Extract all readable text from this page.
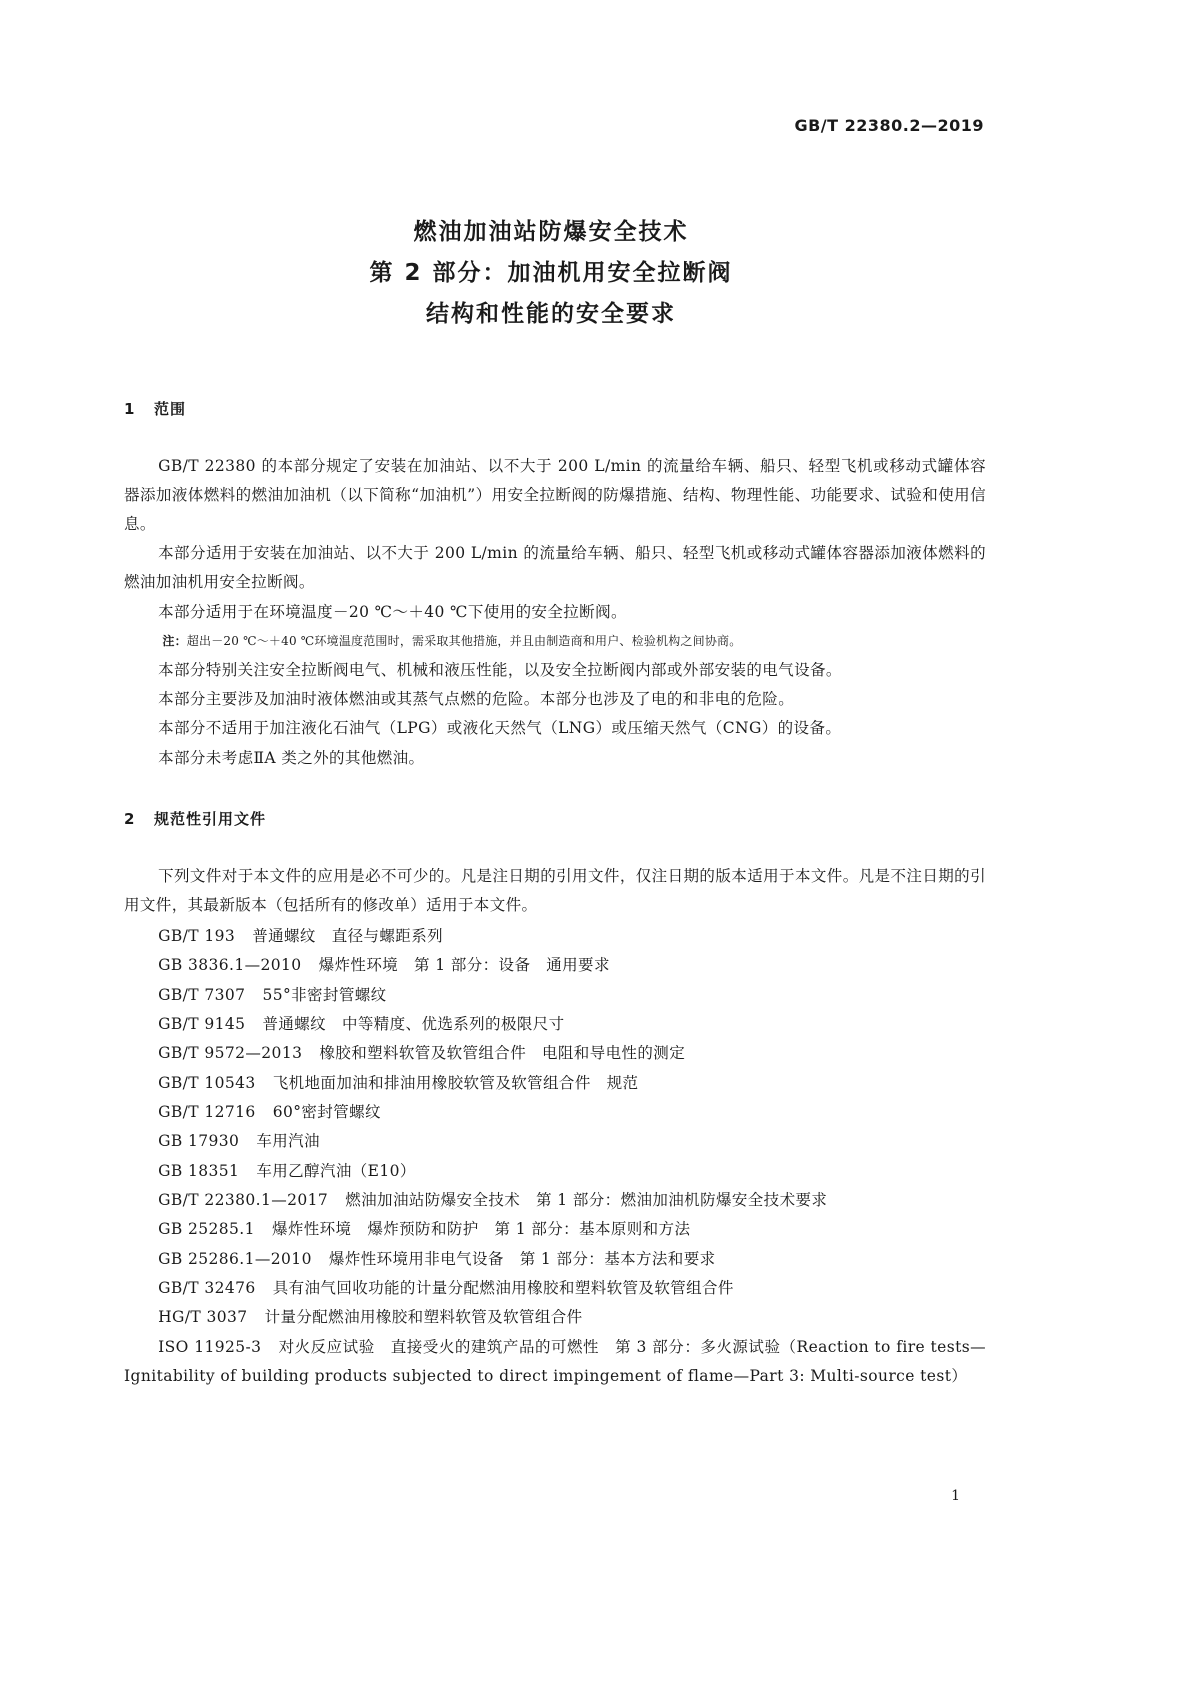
GB/T 22380.2—2019
燃油加油站防爆安全技术
第 2 部分：加油机用安全拉断阀
结构和性能的安全要求
1 范围
GB/T 22380 的本部分规定了安装在加油站、以不大于 200 L/min 的流量给车辆、船只、轻型飞机或移动式罐体容器添加液体燃料的燃油加油机（以下简称“加油机”）用安全拉断阀的防爆措施、结构、物理性能、功能要求、试验和使用信息。
本部分适用于安装在加油站、以不大于 200 L/min 的流量给车辆、船只、轻型飞机或移动式罐体容器添加液体燃料的燃油加油机用安全拉断阀。
本部分适用于在环境温度－20 ℃～＋40 ℃下使用的安全拉断阀。
注：超出－20 ℃～＋40 ℃环境温度范围时，需采取其他措施，并且由制造商和用户、检验机构之间协商。
本部分特别关注安全拉断阀电气、机械和液压性能，以及安全拉断阀内部或外部安装的电气设备。
本部分主要涉及加油时液体燃油或其蒸气点燃的危险。本部分也涉及了电的和非电的危险。
本部分不适用于加注液化石油气（LPG）或液化天然气（LNG）或压缩天然气（CNG）的设备。
本部分未考虑ⅡA 类之外的其他燃油。
2 规范性引用文件
下列文件对于本文件的应用是必不可少的。凡是注日期的引用文件，仅注日期的版本适用于本文件。凡是不注日期的引用文件，其最新版本（包括所有的修改单）适用于本文件。
GB/T 193 普通螺纹　直径与螺距系列
GB 3836.1—2010 爆炸性环境　第 1 部分：设备　通用要求
GB/T 7307 55°非密封管螺纹
GB/T 9145 普通螺纹　中等精度、优选系列的极限尺寸
GB/T 9572—2013 橡胶和塑料软管及软管组合件　电阻和导电性的测定
GB/T 10543 飞机地面加油和排油用橡胶软管及软管组合件　规范
GB/T 12716 60°密封管螺纹
GB 17930 车用汽油
GB 18351 车用乙醇汽油（E10）
GB/T 22380.1—2017 燃油加油站防爆安全技术　第 1 部分：燃油加油机防爆安全技术要求
GB 25285.1 爆炸性环境　爆炸预防和防护　第 1 部分：基本原则和方法
GB 25286.1—2010 爆炸性环境用非电气设备　第 1 部分：基本方法和要求
GB/T 32476 具有油气回收功能的计量分配燃油用橡胶和塑料软管及软管组合件
HG/T 3037 计量分配燃油用橡胶和塑料软管及软管组合件
ISO 11925-3 对火反应试验　直接受火的建筑产品的可燃性　第 3 部分：多火源试验（Reaction to fire tests—Ignitability of building products subjected to direct impingement of flame—Part 3: Multi-source test）
1
